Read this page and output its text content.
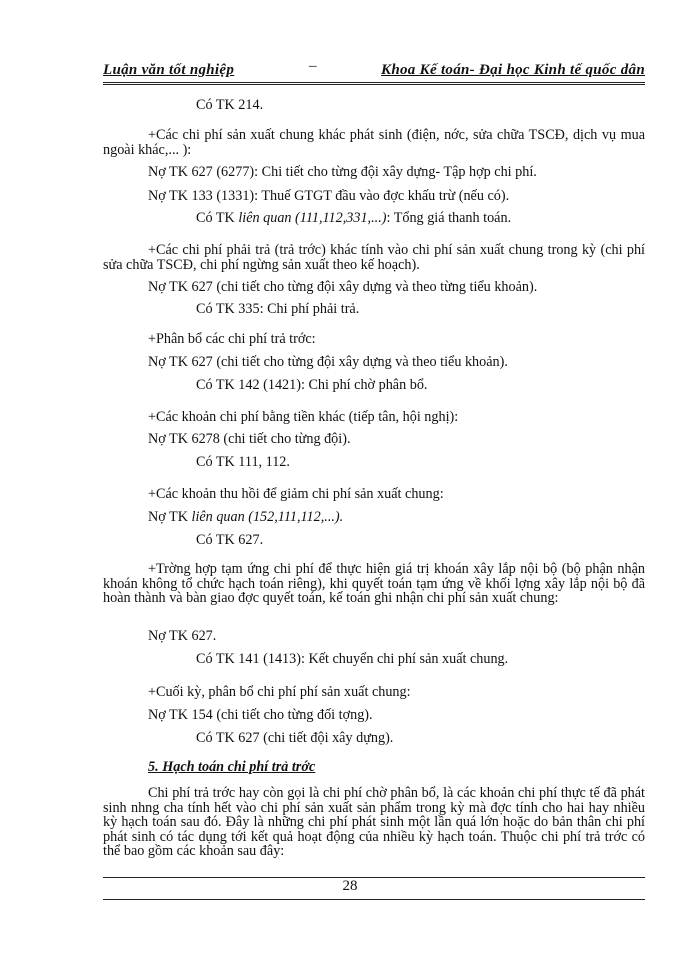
Luận văn tốt nghiệp	–	Khoa Kế toán- Đại học Kinh tế quốc dân
Có TK 214.
+Các chi phí sản xuất chung khác phát sinh (điện, nớc, sửa chữa TSCĐ, dịch vụ mua ngoài khác,... ):
Nợ TK 627 (6277): Chi tiết cho từng đội xây dựng- Tập hợp chi phí.
Nợ TK 133 (1331): Thuế GTGT đầu vào đợc khấu trừ (nếu có).
Có TK liên quan (111,112,331,...): Tổng giá thanh toán.
+Các chi phí phải trả (trả trớc) khác tính vào chi phí sản xuất chung trong kỳ (chi phí sửa chữa TSCĐ, chi phí ngừng sản xuất theo kế hoạch).
Nợ TK 627 (chi tiết cho từng đội xây dựng và theo từng tiểu khoản).
Có TK 335: Chi phí phải trả.
+Phân bổ các chi phí trả trớc:
Nợ TK 627 (chi tiết cho từng đội xây dựng và theo tiểu khoản).
Có TK 142 (1421): Chi phí chờ phân bổ.
+Các khoản chi phí bằng tiền khác (tiếp tân, hội nghị):
Nợ TK 6278 (chi tiết cho từng đội).
Có TK 111, 112.
+Các khoản thu hồi để giảm chi phí sản xuất chung:
Nợ TK liên quan (152,111,112,...).
Có TK 627.
+Trờng hợp tạm ứng chi phí để thực hiện giá trị khoán xây lắp nội bộ (bộ phận nhận khoán không tổ chức hạch toán riêng), khi quyết toán tạm ứng về khối lợng xây lắp nội bộ đã hoàn thành và bàn giao đợc quyết toán, kế toán ghi nhận chi phí sản xuất chung:
Nợ TK 627.
Có TK 141 (1413): Kết chuyển chi phí sản xuất chung.
+Cuối kỳ, phân bổ chi phí phí sản xuất chung:
Nợ TK 154 (chi tiết cho từng đối tợng).
Có TK 627 (chi tiết đội xây dựng).
5. Hạch toán chi phí trả trớc
Chi phí trả trớc hay còn gọi là chi phí chờ phân bổ, là các khoản chi phí thực tế đã phát sinh nhng cha tính hết vào chi phí sản xuất sản phẩm trong kỳ mà đợc tính cho hai hay nhiều kỳ hạch toán sau đó. Đây là những chi phí phát sinh một lần quá lớn hoặc do bản thân chi phí phát sinh có tác dụng tới kết quả hoạt động của nhiều kỳ hạch toán. Thuộc chi phí trả trớc có thể bao gồm các khoản sau đây:
28
